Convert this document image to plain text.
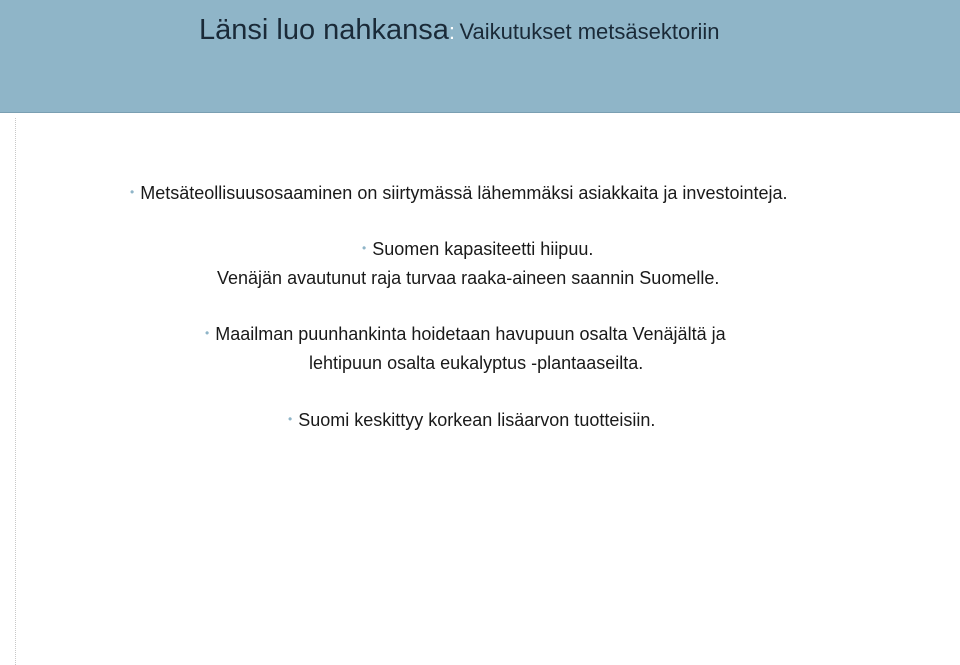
Länsi luo nahkansa: Vaikutukset metsäsektoriin
• Metsäteollisuusosaaminen on siirtymässä lähemmäksi asiakkaita ja investointeja.
• Suomen kapasiteetti hiipuu.
Venäjän avautunut raja turvaa raaka-aineen saannin Suomelle.
• Maailman puunhankinta hoidetaan havupuun osalta Venäjältä ja
lehtipuun osalta eukalyptus -plantaaseilta.
• Suomi keskittyy korkean lisäarvon tuotteisiin.
